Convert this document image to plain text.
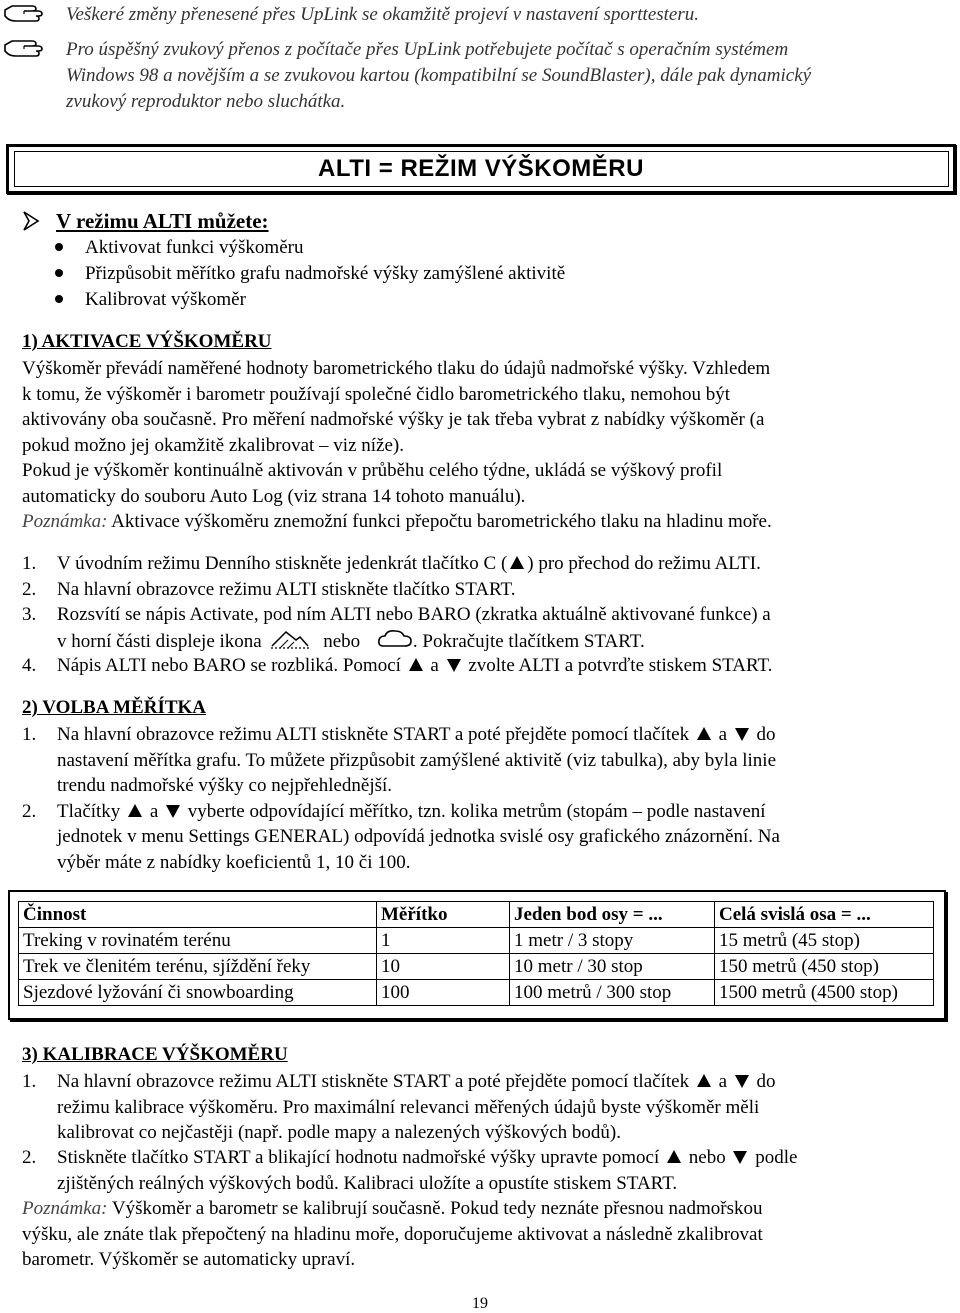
Veškeré změny přenesené přes UpLink se okamžitě projeví v nastavení sporttesteru.
Pro úspěšný zvukový přenos z počítače přes UpLink potřebujete počítač s operačním systémem
Windows 98 a novějším a se zvukovou kartou (kompatibilní se SoundBlaster), dále pak dynamický
zvukový reproduktor nebo sluchátka.
ALTI = REŽIM VÝŠKOMĚRU
V režimu ALTI můžete:
Aktivovat funkci výškoměru
Přizpůsobit měřítko grafu nadmořské výšky zamýšlené aktivitě
Kalibrovat výškoměr
1) AKTIVACE VÝŠKOMĚRU
Výškoměr převádí naměřené hodnoty barometrického tlaku do údajů nadmořské výšky. Vzhledem
k tomu, že výškoměr i barometr používají společné čidlo barometrického tlaku, nemohou být
aktivovány oba současně. Pro měření nadmořské výšky je tak třeba vybrat z nabídky výškoměr (a
pokud možno jej okamžitě zkalibrovat – viz níže).
Pokud je výškoměr kontinuálně aktivován v průběhu celého týdne, ukládá se výškový profil
automaticky do souboru Auto Log (viz strana 14 tohoto manuálu).
Poznámka: Aktivace výškoměru znemožní funkci přepočtu barometrického tlaku na hladinu moře.
1. V úvodním režimu Denního stiskněte jedenkrát tlačítko C ( ) pro přechod do režimu ALTI.
2. Na hlavní obrazovce režimu ALTI stiskněte tlačítko START.
3. Rozsvítí se nápis Activate, pod ním ALTI nebo BARO (zkratka aktuálně aktivované funkce) a
v horní části displeje ikona	nebo	. Pokračujte tlačítkem START.
4. Nápis ALTI nebo BARO se rozbliká. Pomocí a zvolte ALTI a potvrďte stiskem START.
2) VOLBA MĚŘÍTKA
1. Na hlavní obrazovce režimu ALTI stiskněte START a poté přejděte pomocí tlačítek a do
nastavení měřítka grafu. To můžete přizpůsobit zamýšlené aktivitě (viz tabulka), aby byla linie
trendu nadmořské výšky co nejpřehlednější.
2. Tlačítky a vyberte odpovídající měřítko, tzn. kolika metrům (stopám – podle nastavení
jednotek v menu Settings GENERAL) odpovídá jednotka svislé osy grafického znázornění. Na
výběr máte z nabídky koeficientů 1, 10 či 100.
Činnost	Měřítko	Jeden bod osy = ...	Celá svislá osa = ...
Treking v rovinatém terénu	1	1 metr / 3 stopy	15 metrů (45 stop)
Trek ve členitém terénu, sjíždění řeky	10	10 metr / 30 stop	150 metrů (450 stop)
Sjezdové lyžování či snowboarding	100	100 metrů / 300 stop	1500 metrů (4500 stop)
3) KALIBRACE VÝŠKOMĚRU
1. Na hlavní obrazovce režimu ALTI stiskněte START a poté přejděte pomocí tlačítek a do
režimu kalibrace výškoměru. Pro maximální relevanci měřených údajů byste výškoměr měli
kalibrovat co nejčastěji (např. podle mapy a nalezených výškových bodů).
2. Stiskněte tlačítko START a blikající hodnotu nadmořské výšky upravte pomocí nebo podle
zjištěných reálných výškových bodů. Kalibraci uložíte a opustíte stiskem START.
Poznámka: Výškoměr a barometr se kalibrují současně. Pokud tedy neznáte přesnou nadmořskou
výšku, ale znáte tlak přepočtený na hladinu moře, doporučujeme aktivovat a následně zkalibrovat
barometr. Výškoměr se automaticky upraví.
19
